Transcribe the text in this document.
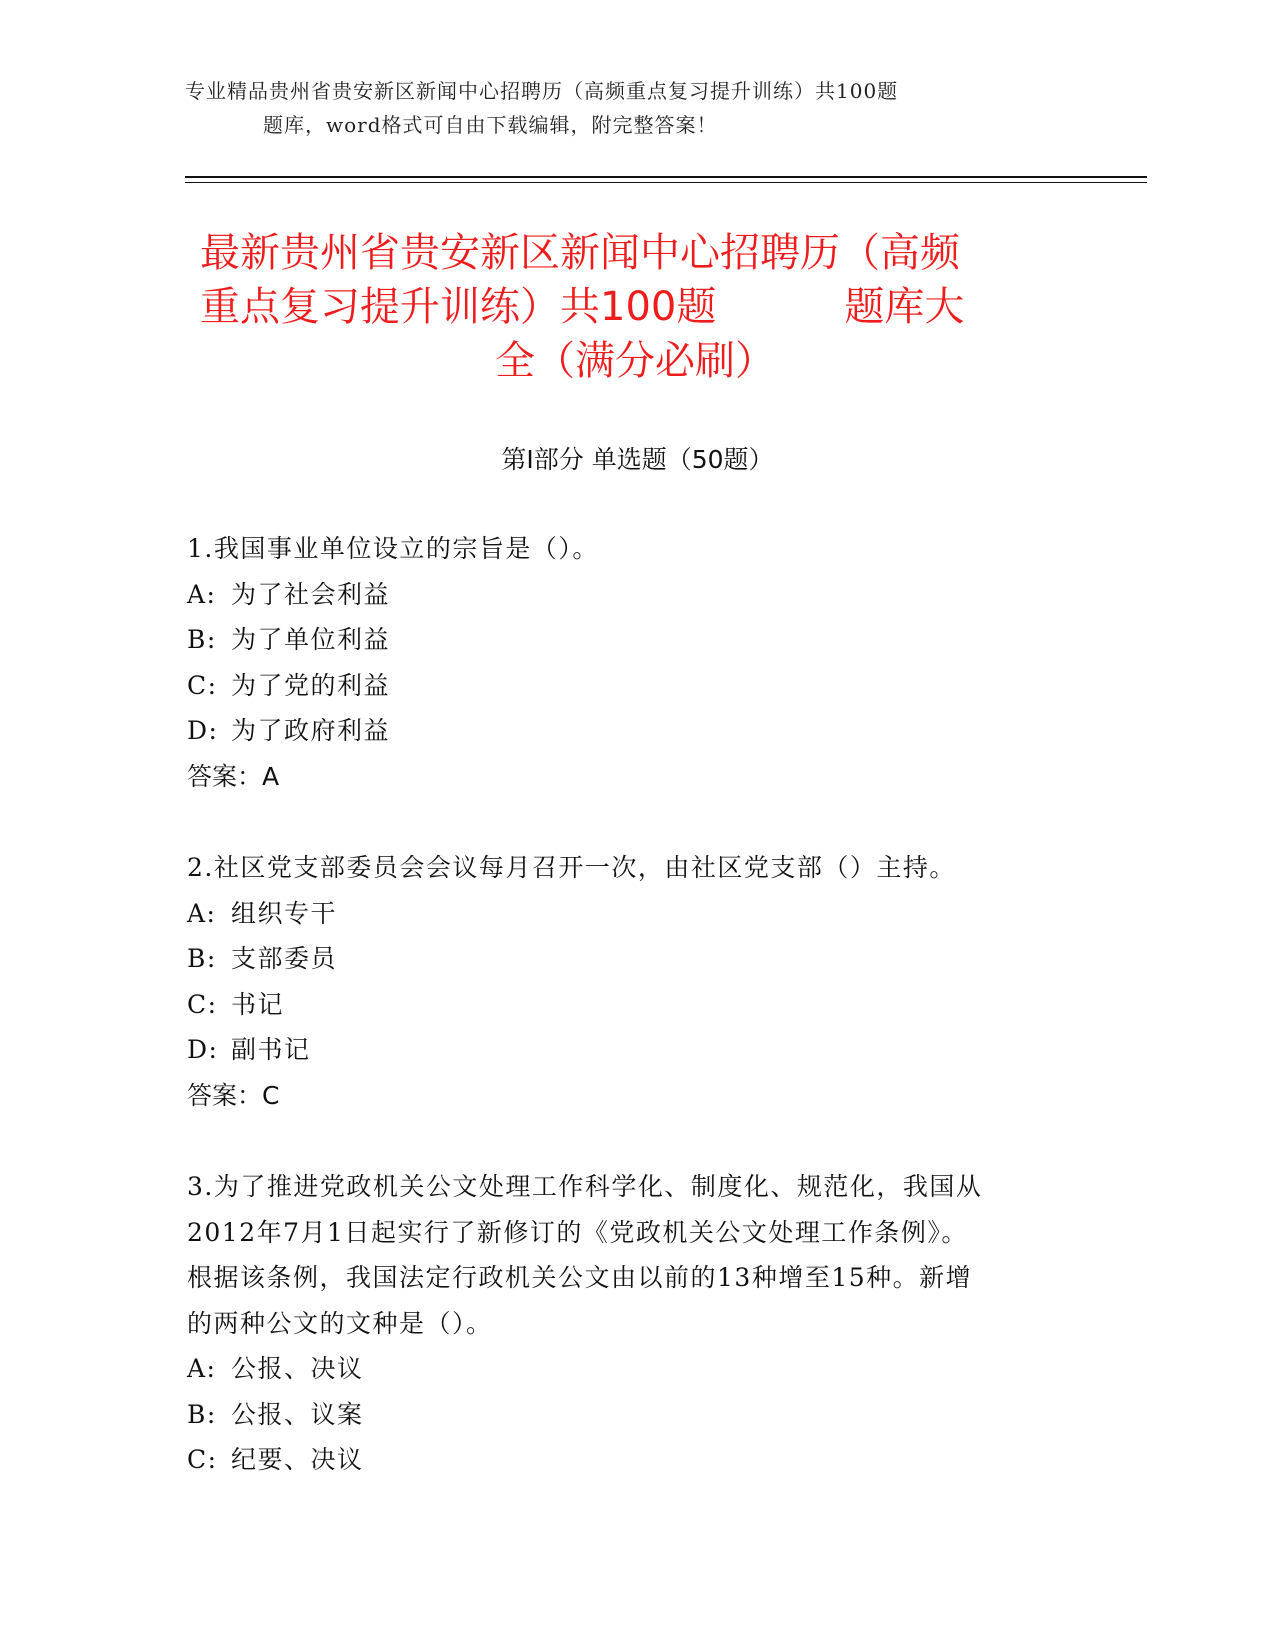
专业精品贵州省贵安新区新闻中心招聘历（高频重点复习提升训练）共100题
题库，word格式可自由下载编辑，附完整答案！
最新贵州省贵安新区新闻中心招聘历（高频
重点复习提升训练）共100题	题库大
全（满分必刷）
第Ⅰ部分 单选题（50题）
1.我国事业单位设立的宗旨是（）。
A: 为了社会利益
B: 为了单位利益
C: 为了党的利益
D: 为了政府利益
答案：A
2.社区党支部委员会会议每月召开一次，由社区党支部（）主持。
A: 组织专干
B: 支部委员
C: 书记
D: 副书记
答案：C
3.为了推进党政机关公文处理工作科学化、制度化、规范化，我国从
2012年7月1日起实行了新修订的《党政机关公文处理工作条例》。
根据该条例，我国法定行政机关公文由以前的13种增至15种。新增
的两种公文的文种是（）。
A: 公报、决议
B: 公报、议案
C: 纪要、决议
